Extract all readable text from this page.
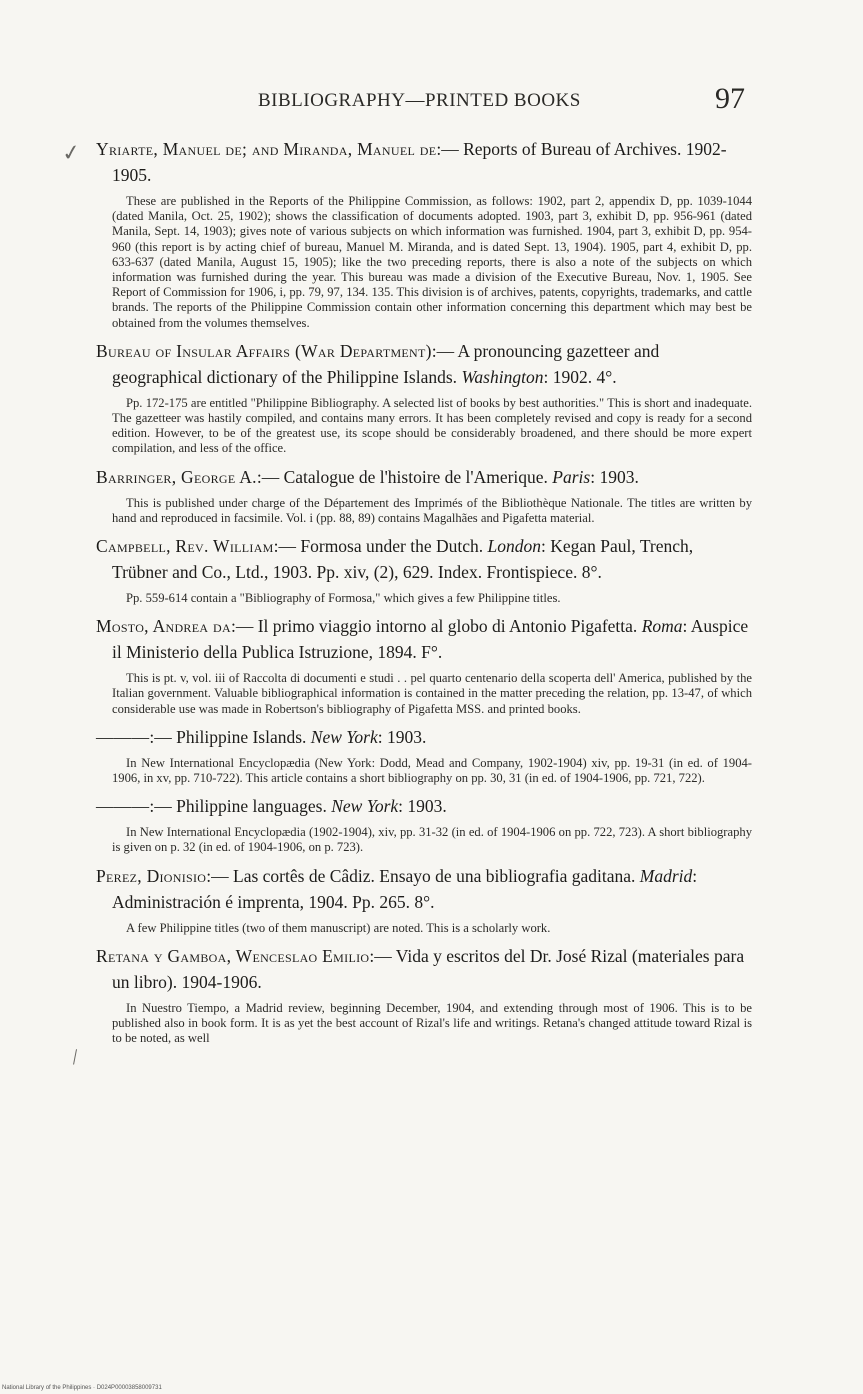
BIBLIOGRAPHY—PRINTED BOOKS	97
✓
/

Yriarte, Manuel de; and Miranda, Manuel de:— Reports of Bureau of Archives. 1902-1905.

These are published in the Reports of the Philippine Commission, as follows: 1902, part 2, appendix D, pp. 1039-1044 (dated Manila, Oct. 25, 1902); shows the classification of documents adopted. 1903, part 3, exhibit D, pp. 956-961 (dated Manila, Sept. 14, 1903); gives note of various subjects on which information was furnished. 1904, part 3, exhibit D, pp. 954-960 (this report is by acting chief of bureau, Manuel M. Miranda, and is dated Sept. 13, 1904). 1905, part 4, exhibit D, pp. 633-637 (dated Manila, August 15, 1905); like the two preceding reports, there is also a note of the subjects on which information was furnished during the year. This bureau was made a division of the Executive Bureau, Nov. 1, 1905. See Report of Commission for 1906, i, pp. 79, 97, 134. 135. This division is of archives, patents, copyrights, trademarks, and cattle brands. The reports of the Philippine Commission contain other information concerning this department which may best be obtained from the volumes themselves.

Bureau of Insular Affairs (War Department):— A pronouncing gazetteer and geographical dictionary of the Philippine Islands. Washington: 1902. 4°.

Pp. 172-175 are entitled "Philippine Bibliography. A selected list of books by best authorities." This is short and inadequate. The gazetteer was hastily compiled, and contains many errors. It has been completely revised and copy is ready for a second edition. However, to be of the greatest use, its scope should be considerably broadened, and there should be more expert compilation, and less of the office.

Barringer, George A.:— Catalogue de l'histoire de l'Amerique. Paris: 1903.

This is published under charge of the Département des Imprimés of the Bibliothèque Nationale. The titles are written by hand and reproduced in facsimile. Vol. i (pp. 88, 89) contains Magalhães and Pigafetta material.

Campbell, Rev. William:— Formosa under the Dutch. London: Kegan Paul, Trench, Trübner and Co., Ltd., 1903. Pp. xiv, (2), 629. Index. Frontispiece. 8°.

Pp. 559-614 contain a "Bibliography of Formosa," which gives a few Philippine titles.

Mosto, Andrea da:— Il primo viaggio intorno al globo di Antonio Pigafetta. Roma: Auspice il Ministerio della Publica Istruzione, 1894. F°.

This is pt. v, vol. iii of Raccolta di documenti e studi . . pel quarto centenario della scoperta dell' America, published by the Italian government. Valuable bibliographical information is contained in the matter preceding the relation, pp. 13-47, of which considerable use was made in Robertson's bibliography of Pigafetta MSS. and printed books.

———:— Philippine Islands. New York: 1903.

In New International Encyclopædia (New York: Dodd, Mead and Company, 1902-1904) xiv, pp. 19-31 (in ed. of 1904-1906, in xv, pp. 710-722). This article contains a short bibliography on pp. 30, 31 (in ed. of 1904-1906, pp. 721, 722).

———:— Philippine languages. New York: 1903.

In New International Encyclopædia (1902-1904), xiv, pp. 31-32 (in ed. of 1904-1906 on pp. 722, 723). A short bibliography is given on p. 32 (in ed. of 1904-1906, on p. 723).

Perez, Dionisio:— Las cortês de Câdiz. Ensayo de una bibliografia gaditana. Madrid: Administración é imprenta, 1904. Pp. 265. 8°.

A few Philippine titles (two of them manuscript) are noted. This is a scholarly work.

Retana y Gamboa, Wenceslao Emilio:— Vida y escritos del Dr. José Rizal (materiales para un libro). 1904-1906.

In Nuestro Tiempo, a Madrid review, beginning December, 1904, and extending through most of 1906. This is to be published also in book form. It is as yet the best account of Rizal's life and writings. Retana's changed attitude toward Rizal is to be noted, as well

National Library of the Philippines · D024P00003858009731
